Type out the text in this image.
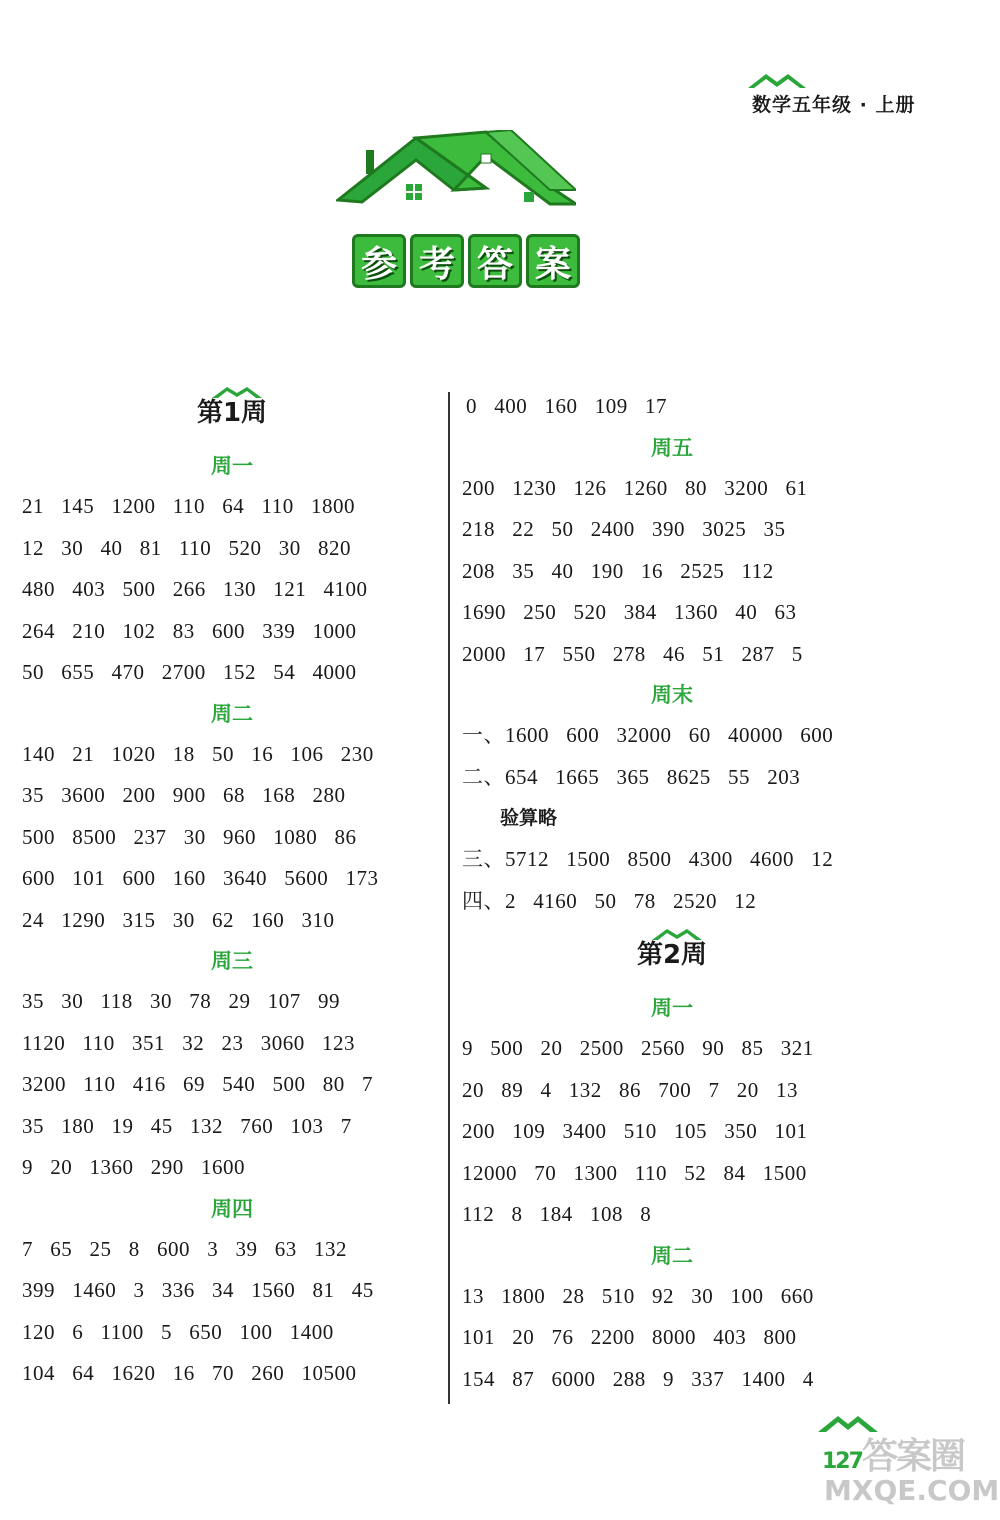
数学五年级 · 上册
参 考 答 案
第1周
周一
21   145   1200   110   64   110   1800
12   30   40   81   110   520   30   820
480   403   500   266   130   121   4100
264   210   102   83   600   339   1000
50   655   470   2700   152   54   4000
周二
140   21   1020   18   50   16   106   230
35   3600   200   900   68   168   280
500   8500   237   30   960   1080   86
600   101   600   160   3640   5600   173
24   1290   315   30   62   160   310
周三
35   30   118   30   78   29   107   99
1120   110   351   32   23   3060   123
3200   110   416   69   540   500   80   7
35   180   19   45   132   760   103   7
9   20   1360   290   1600
周四
7   65   25   8   600   3   39   63   132
399   1460   3   336   34   1560   81   45
120   6   1100   5   650   100   1400
104   64   1620   16   70   260   10500
0   400   160   109   17
周五
200   1230   126   1260   80   3200   61
218   22   50   2400   390   3025   35
208   35   40   190   16   2525   112
1690   250   520   384   1360   40   63
2000   17   550   278   46   51   287   5
周末
一、1600   600   32000   60   40000   600
二、654   1665   365   8625   55   203
验算略
三、5712   1500   8500   4300   4600   12
四、2   4160   50   78   2520   12
第2周
周一
9   500   20   2500   2560   90   85   321
20   89   4   132   86   700   7   20   13
200   109   3400   510   105   350   101
12000   70   1300   110   52   84   1500
112   8   184   108   8
周二
13   1800   28   510   92   30   100   660
101   20   76   2200   8000   403   800
154   87   6000   288   9   337   1400   4
127答案圈
MXQE.COM
